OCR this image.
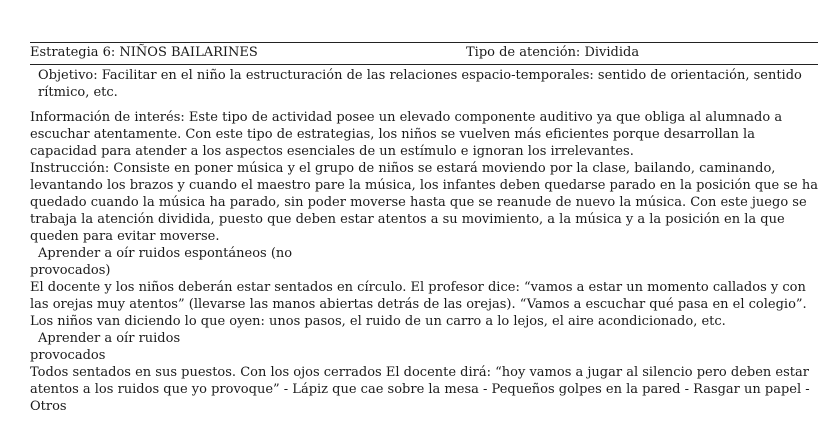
Estrategia 6: NIÑOS BAILARINES	Tipo de atención: Dividida

Objetivo: Facilitar en el niño la estructuración de las relaciones espacio-temporales: sentido de orientación, sentido rítmico, etc.

Información de interés: Este tipo de actividad posee un elevado componente auditivo ya que obliga al alumnado a escuchar atentamente. Con este tipo de estrategias, los niños se vuelven más eficientes porque desarrollan la capacidad para atender a los aspectos esenciales de un estímulo e ignoran los irrelevantes.

Instrucción: Consiste en poner música y el grupo de niños se estará moviendo por la clase, bailando, caminando, levantando los brazos y cuando el maestro pare la música, los infantes deben quedarse parado en la posición que se ha quedado cuando la música ha parado, sin poder moverse hasta que se reanude de nuevo la música. Con este juego se trabaja la atención dividida, puesto que deben estar atentos a su movimiento, a la música y a la posición en la que queden para evitar moverse.

Aprender a oír ruidos espontáneos (no

provocados)

El docente y los niños deberán estar sentados en círculo. El profesor dice: “vamos a estar un momento callados y con las orejas muy atentos” (llevarse las manos abiertas detrás de las orejas). “Vamos a escuchar qué pasa en el colegio”. Los niños van diciendo lo que oyen: unos pasos, el ruido de un carro a lo lejos, el aire acondicionado, etc.

Aprender a oír ruidos

provocados

Todos sentados en sus puestos. Con los ojos cerrados El docente dirá: “hoy vamos a jugar al silencio pero deben estar atentos a los ruidos que yo provoque” - Lápiz que cae sobre la mesa - Pequeños golpes en la pared - Rasgar un papel -

Otros
